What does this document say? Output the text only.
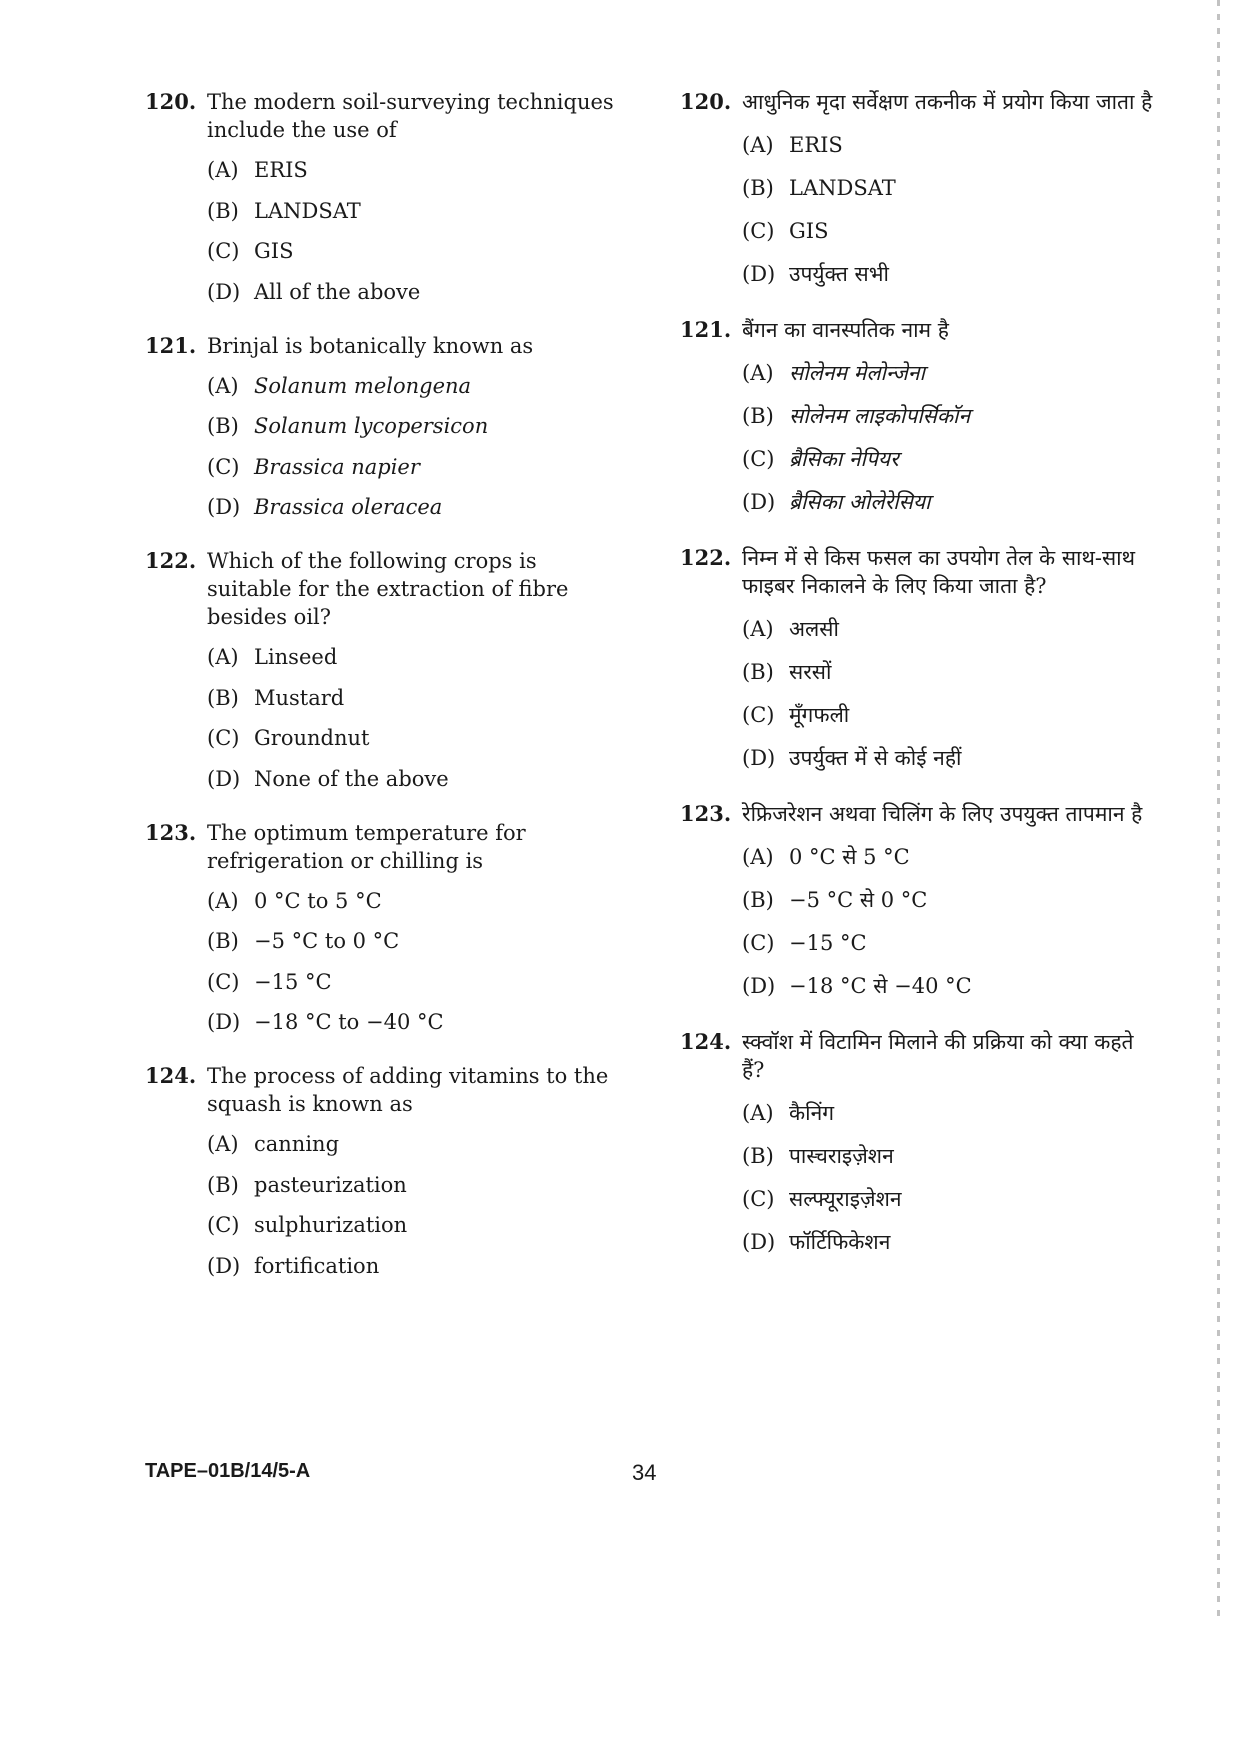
120. The modern soil-surveying techniques include the use of
(A) ERIS
(B) LANDSAT
(C) GIS
(D) All of the above
121. Brinjal is botanically known as
(A) Solanum melongena
(B) Solanum lycopersicon
(C) Brassica napier
(D) Brassica oleracea
122. Which of the following crops is suitable for the extraction of fibre besides oil?
(A) Linseed
(B) Mustard
(C) Groundnut
(D) None of the above
123. The optimum temperature for refrigeration or chilling is
(A) 0 °C to 5 °C
(B) −5 °C to 0 °C
(C) −15 °C
(D) −18 °C to −40 °C
124. The process of adding vitamins to the squash is known as
(A) canning
(B) pasteurization
(C) sulphurization
(D) fortification
120. आधुनिक मृदा सर्वेक्षण तकनीक में प्रयोग किया जाता है
(A) ERIS
(B) LANDSAT
(C) GIS
(D) उपर्युक्त सभी
121. बैंगन का वानस्पतिक नाम है
(A) सोलेनम मेलोन्जेना
(B) सोलेनम लाइकोपर्सिकॉन
(C) ब्रैसिका नेपियर
(D) ब्रैसिका ओलेरेसिया
122. निम्न में से किस फसल का उपयोग तेल के साथ-साथ फाइबर निकालने के लिए किया जाता है?
(A) अलसी
(B) सरसों
(C) मूँगफली
(D) उपर्युक्त में से कोई नहीं
123. रेफ्रिजरेशन अथवा चिलिंग के लिए उपयुक्त तापमान है
(A) 0 °C से 5 °C
(B) −5 °C से 0 °C
(C) −15 °C
(D) −18 °C से −40 °C
124. स्क्वॉश में विटामिन मिलाने की प्रक्रिया को क्या कहते हैं?
(A) कैनिंग
(B) पास्चराइज़ेशन
(C) सल्फ्यूराइज़ेशन
(D) फॉर्टिफिकेशन
TAPE–01B/14/5-A	34
